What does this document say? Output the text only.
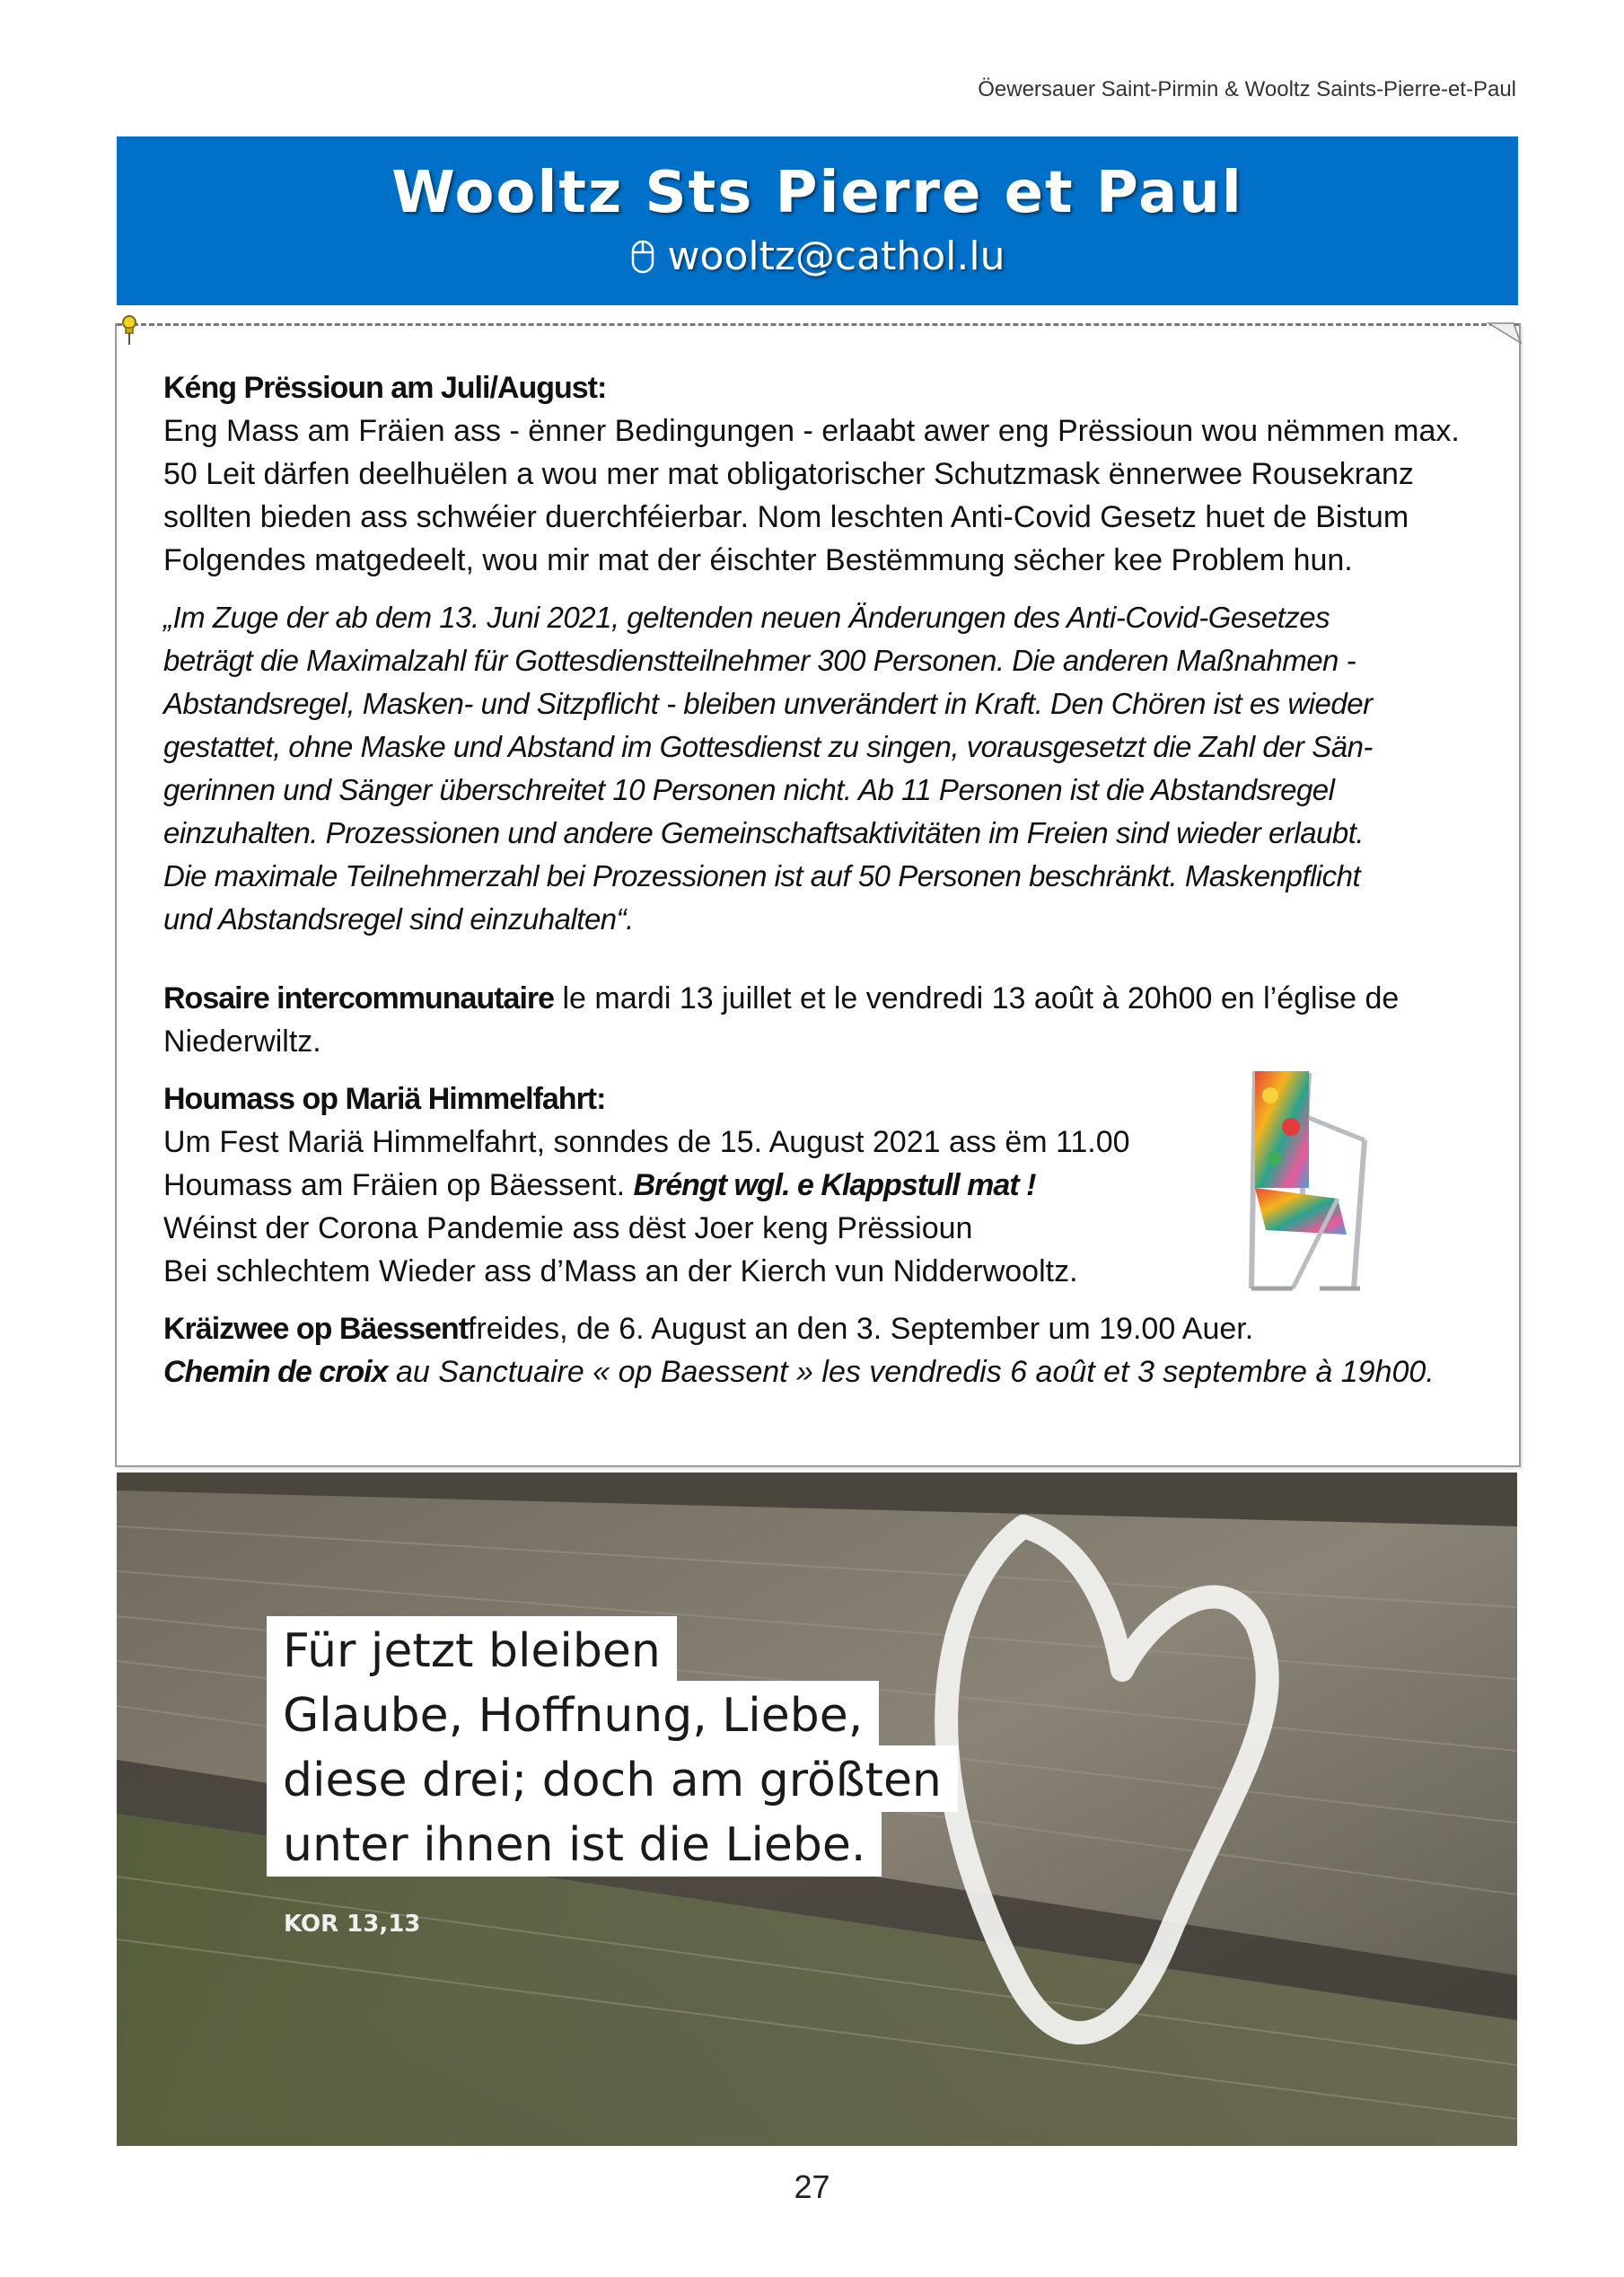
Öewersauer Saint-Pirmin & Wooltz Saints-Pierre-et-Paul
Wooltz Sts Pierre et Paul
wooltz@cathol.lu

Kéng Prëssioun am Juli/August:

Eng Mass am Fräien ass - ënner Bedingungen - erlaabt awer eng Prëssioun wou nëmmen max.

50 Leit därfen deelhuëlen a wou mer mat obligatorischer Schutzmask ënnerwee Rousekranz

sollten bieden ass schwéier duerchféierbar. Nom leschten Anti-Covid Gesetz huet de Bistum

Folgendes matgedeelt, wou mir mat der éischter Bestëmmung sëcher kee Problem hun.

„Im Zuge der ab dem 13. Juni 2021, geltenden neuen Änderungen des Anti-Covid-Gesetzes

beträgt die Maximalzahl für Gottesdienstteilnehmer 300 Personen. Die anderen Maßnahmen -

Abstandsregel, Masken- und Sitzpflicht - bleiben unverändert in Kraft. Den Chören ist es wieder

gestattet, ohne Maske und Abstand im Gottesdienst zu singen, vorausgesetzt die Zahl der Sän-

gerinnen und Sänger überschreitet 10 Personen nicht. Ab 11 Personen ist die Abstandsregel

einzuhalten. Prozessionen und andere Gemeinschaftsaktivitäten im Freien sind wieder erlaubt.

Die maximale Teilnehmerzahl bei Prozessionen ist auf 50 Personen beschränkt. Maskenpflicht

und Abstandsregel sind einzuhalten“.

Rosaire intercommunautaire le mardi 13 juillet et le vendredi 13 août à 20h00 en l’église de

Niederwiltz.

Houmass op Mariä Himmelfahrt:

Um Fest Mariä Himmelfahrt, sonndes de 15. August 2021 ass ëm 11.00

Houmass am Fräien op Bäessent. Bréngt wgl. e Klappstull mat !

Wéinst der Corona Pandemie ass dëst Joer keng Prëssioun

Bei schlechtem Wieder ass d’Mass an der Kierch vun Nidderwooltz.

Kräizwee op Bäessentfreides, de 6. August an den 3. September um 19.00 Auer.

Chemin de croix au Sanctuaire « op Baessent » les vendredis 6 août et 3 septembre à 19h00.

Für jetzt bleiben
Glaube, Hoffnung, Liebe,
diese drei; doch am größten
unter ihnen ist die Liebe.
KOR 13,13
27
